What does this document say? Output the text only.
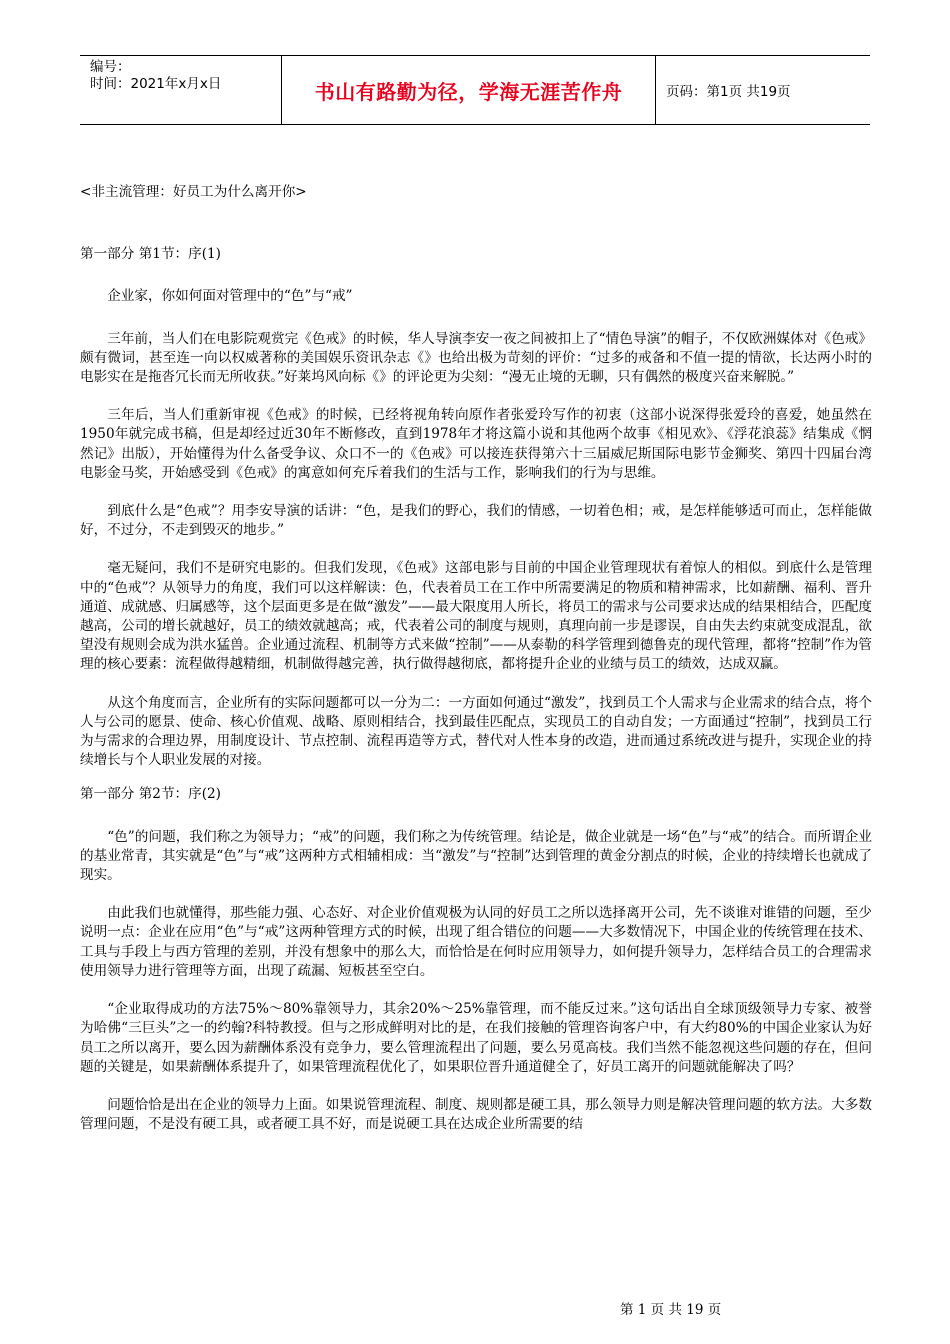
编号：
时间：2021年x月x日	书山有路勤为径，学海无涯苦作舟	页码：第1页 共19页

<非主流管理：好员工为什么离开你>

第一部分 第1节：序(1)

企业家，你如何面对管理中的“色”与“戒”

三年前，当人们在电影院观赏完《色戒》的时候，华人导演李安一夜之间被扣上了“情色导演”的帽子，不仅欧洲媒体对《色戒》颇有微词，甚至连一向以权威著称的美国娱乐资讯杂志《》也给出极为苛刻的评价：“过多的戒备和不值一提的情欲，长达两小时的电影实在是拖沓冗长而无所收获。”好莱坞风向标《》的评论更为尖刻：“漫无止境的无聊，只有偶然的极度兴奋来解脱。”

三年后，当人们重新审视《色戒》的时候，已经将视角转向原作者张爱玲写作的初衷（这部小说深得张爱玲的喜爱，她虽然在1950年就完成书稿，但是却经过近30年不断修改，直到1978年才将这篇小说和其他两个故事《相见欢》、《浮花浪蕊》结集成《惘然记》出版），开始懂得为什么备受争议、众口不一的《色戒》可以接连获得第六十三届威尼斯国际电影节金狮奖、第四十四届台湾电影金马奖，开始感受到《色戒》的寓意如何充斥着我们的生活与工作，影响我们的行为与思维。

到底什么是“色戒”？用李安导演的话讲：“色，是我们的野心，我们的情感，一切着色相；戒，是怎样能够适可而止，怎样能做好，不过分，不走到毁灭的地步。”

毫无疑问，我们不是研究电影的。但我们发现，《色戒》这部电影与目前的中国企业管理现状有着惊人的相似。到底什么是管理中的“色戒”？从领导力的角度，我们可以这样解读：色，代表着员工在工作中所需要满足的物质和精神需求，比如薪酬、福利、晋升通道、成就感、归属感等，这个层面更多是在做“激发”——最大限度用人所长，将员工的需求与公司要求达成的结果相结合，匹配度越高，公司的增长就越好，员工的绩效就越高；戒，代表着公司的制度与规则，真理向前一步是谬误，自由失去约束就变成混乱，欲望没有规则会成为洪水猛兽。企业通过流程、机制等方式来做“控制”——从泰勒的科学管理到德鲁克的现代管理，都将“控制”作为管理的核心要素：流程做得越精细，机制做得越完善，执行做得越彻底，都将提升企业的业绩与员工的绩效，达成双赢。

从这个角度而言，企业所有的实际问题都可以一分为二：一方面如何通过“激发”，找到员工个人需求与企业需求的结合点，将个人与公司的愿景、使命、核心价值观、战略、原则相结合，找到最佳匹配点，实现员工的自动自发；一方面通过“控制”，找到员工行为与需求的合理边界，用制度设计、节点控制、流程再造等方式，替代对人性本身的改造，进而通过系统改进与提升，实现企业的持续增长与个人职业发展的对接。

第一部分 第2节：序(2)

“色”的问题，我们称之为领导力；“戒”的问题，我们称之为传统管理。结论是，做企业就是一场“色”与“戒”的结合。而所谓企业的基业常青，其实就是“色”与“戒”这两种方式相辅相成：当“激发”与“控制”达到管理的黄金分割点的时候，企业的持续增长也就成了现实。

由此我们也就懂得，那些能力强、心态好、对企业价值观极为认同的好员工之所以选择离开公司，先不谈谁对谁错的问题，至少说明一点：企业在应用“色”与“戒”这两种管理方式的时候，出现了组合错位的问题——大多数情况下，中国企业的传统管理在技术、工具与手段上与西方管理的差别，并没有想象中的那么大，而恰恰是在何时应用领导力，如何提升领导力，怎样结合员工的合理需求使用领导力进行管理等方面，出现了疏漏、短板甚至空白。

“企业取得成功的方法75%～80%靠领导力，其余20%～25%靠管理，而不能反过来。”这句话出自全球顶级领导力专家、被誉为哈佛“三巨头”之一的约翰?科特教授。但与之形成鲜明对比的是，在我们接触的管理咨询客户中，有大约80%的中国企业家认为好员工之所以离开，要么因为薪酬体系没有竞争力，要么管理流程出了问题，要么另觅高枝。我们当然不能忽视这些问题的存在，但问题的关键是，如果薪酬体系提升了，如果管理流程优化了，如果职位晋升通道健全了，好员工离开的问题就能解决了吗？

问题恰恰是出在企业的领导力上面。如果说管理流程、制度、规则都是硬工具，那么领导力则是解决管理问题的软方法。大多数管理问题，不是没有硬工具，或者硬工具不好，而是说硬工具在达成企业所需要的结

第 1 页 共 19 页
